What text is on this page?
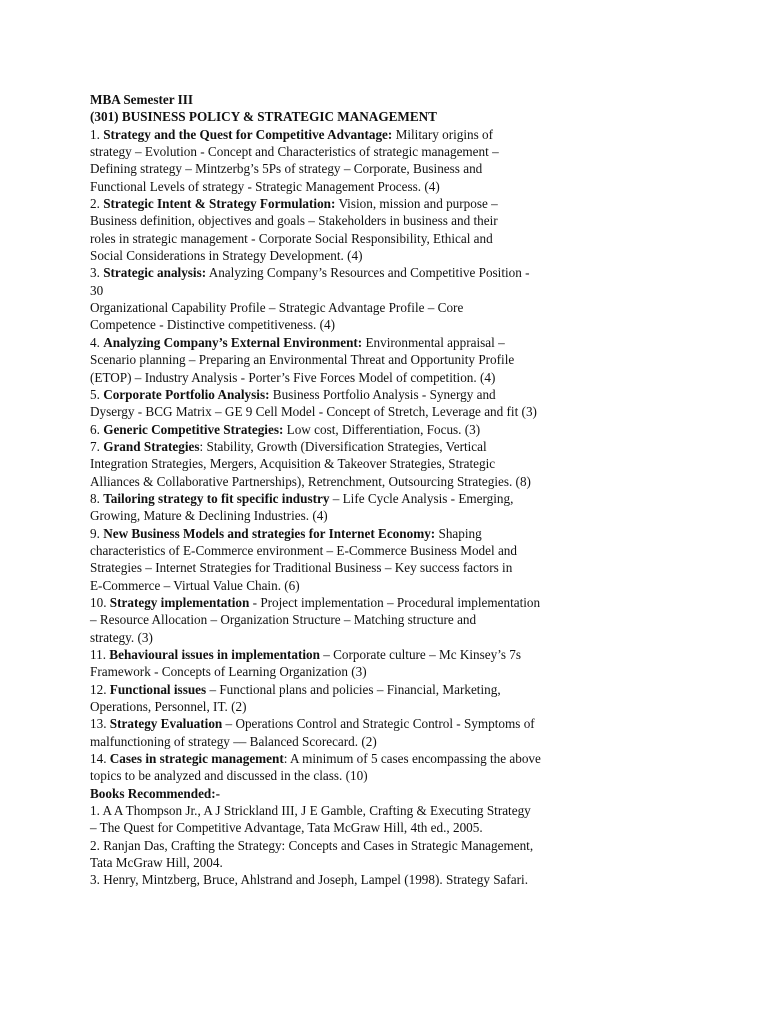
MBA Semester III
(301) BUSINESS POLICY & STRATEGIC MANAGEMENT
1. Strategy and the Quest for Competitive Advantage: Military origins of
strategy – Evolution - Concept and Characteristics of strategic management –
Defining strategy – Mintzerbg’s 5Ps of strategy – Corporate, Business and
Functional Levels of strategy - Strategic Management Process. (4)
2. Strategic Intent & Strategy Formulation: Vision, mission and purpose –
Business definition, objectives and goals – Stakeholders in business and their
roles in strategic management - Corporate Social Responsibility, Ethical and
Social Considerations in Strategy Development. (4)
3. Strategic analysis: Analyzing Company’s Resources and Competitive Position -
30
Organizational Capability Profile – Strategic Advantage Profile – Core
Competence - Distinctive competitiveness. (4)
4. Analyzing Company’s External Environment: Environmental appraisal –
Scenario planning – Preparing an Environmental Threat and Opportunity Profile
(ETOP) – Industry Analysis - Porter’s Five Forces Model of competition. (4)
5. Corporate Portfolio Analysis: Business Portfolio Analysis - Synergy and
Dysergy - BCG Matrix – GE 9 Cell Model - Concept of Stretch, Leverage and fit (3)
6. Generic Competitive Strategies: Low cost, Differentiation, Focus. (3)
7. Grand Strategies: Stability, Growth (Diversification Strategies, Vertical
Integration Strategies, Mergers, Acquisition & Takeover Strategies, Strategic
Alliances & Collaborative Partnerships), Retrenchment, Outsourcing Strategies. (8)
8. Tailoring strategy to fit specific industry – Life Cycle Analysis - Emerging,
Growing, Mature & Declining Industries. (4)
9. New Business Models and strategies for Internet Economy: Shaping
characteristics of E-Commerce environment – E-Commerce Business Model and
Strategies – Internet Strategies for Traditional Business – Key success factors in
E-Commerce – Virtual Value Chain. (6)
10. Strategy implementation - Project implementation – Procedural implementation
– Resource Allocation – Organization Structure – Matching structure and
strategy. (3)
11. Behavioural issues in implementation – Corporate culture – Mc Kinsey’s 7s
Framework - Concepts of Learning Organization (3)
12. Functional issues – Functional plans and policies – Financial, Marketing,
Operations, Personnel, IT. (2)
13. Strategy Evaluation – Operations Control and Strategic Control - Symptoms of
malfunctioning of strategy –– Balanced Scorecard. (2)
14. Cases in strategic management: A minimum of 5 cases encompassing the above
topics to be analyzed and discussed in the class. (10)
Books Recommended:-
1. A A Thompson Jr., A J Strickland III, J E Gamble, Crafting & Executing Strategy
– The Quest for Competitive Advantage, Tata McGraw Hill, 4th ed., 2005.
2. Ranjan Das, Crafting the Strategy: Concepts and Cases in Strategic Management,
Tata McGraw Hill, 2004.
3. Henry, Mintzberg, Bruce, Ahlstrand and Joseph, Lampel (1998). Strategy Safari.
